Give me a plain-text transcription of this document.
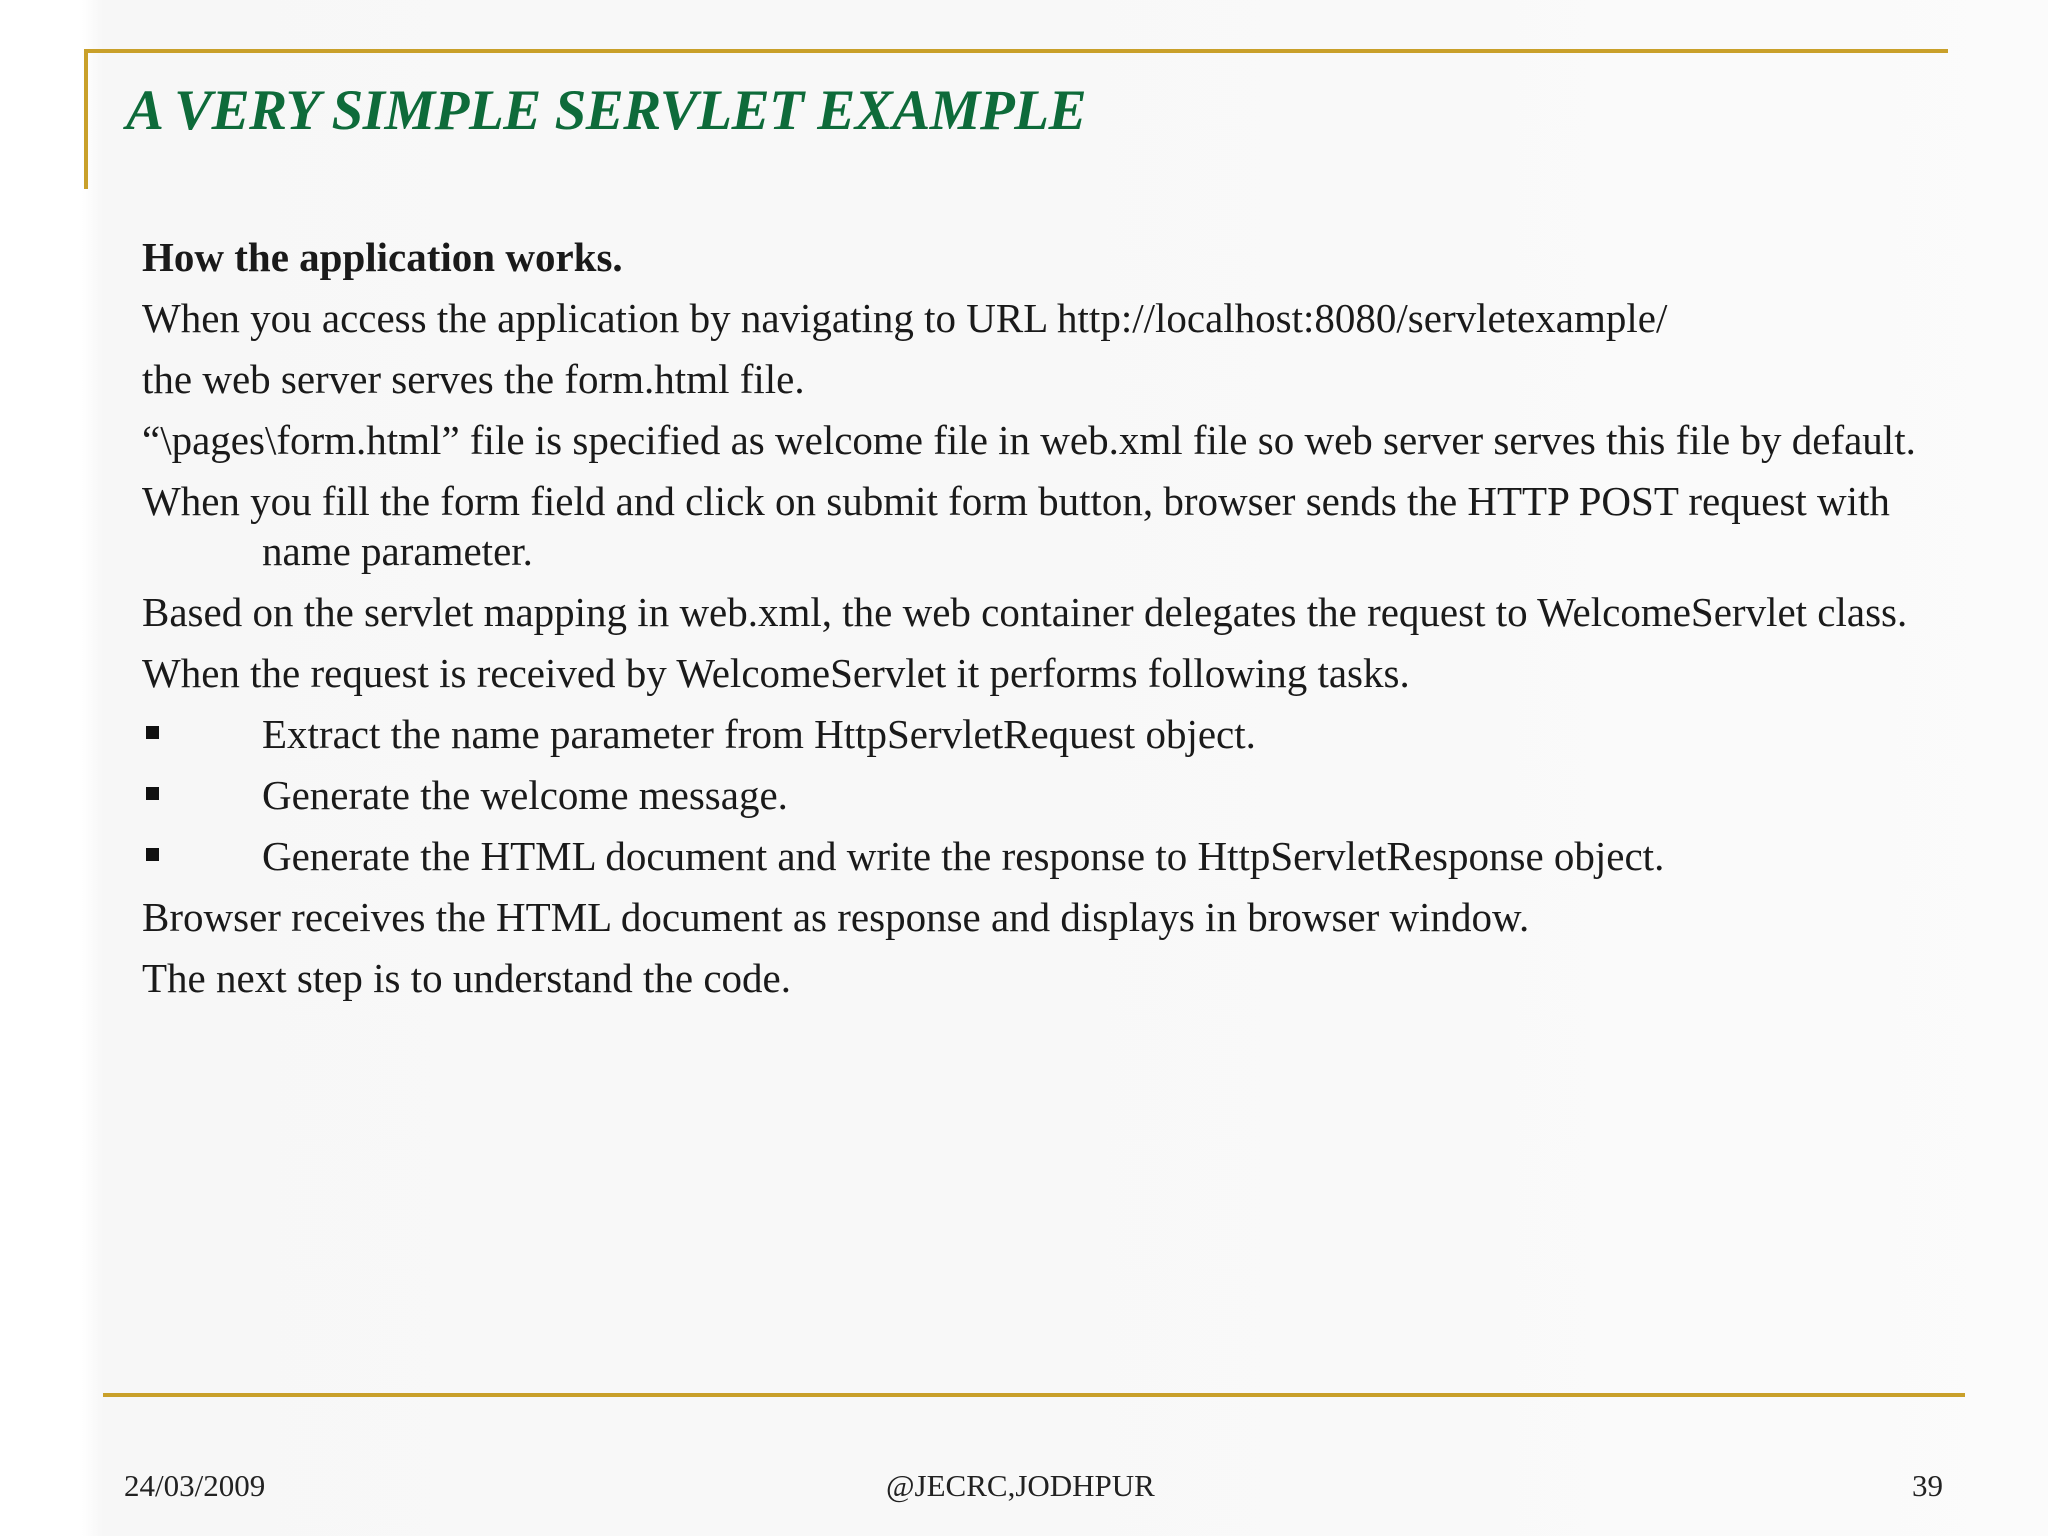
A VERY SIMPLE SERVLET EXAMPLE
How the application works.

When you access the application by navigating to URL http://localhost:8080/servletexample/

the web server serves the form.html file.

“\pages\form.html” file is specified as welcome file in web.xml file so web server serves this file by default.

When you fill the form field and click on submit form button, browser sends the HTTP POST request with name parameter.

Based on the servlet mapping in web.xml, the web container delegates the request to WelcomeServlet class.

When the request is received by WelcomeServlet it performs following tasks.

Extract the name parameter from HttpServletRequest object.
Generate the welcome message.
Generate the HTML document and write the response to HttpServletResponse object.

Browser receives the HTML document as response and displays in browser window.

The next step is to understand the code.

24/03/2009	@JECRC,JODHPUR	39
